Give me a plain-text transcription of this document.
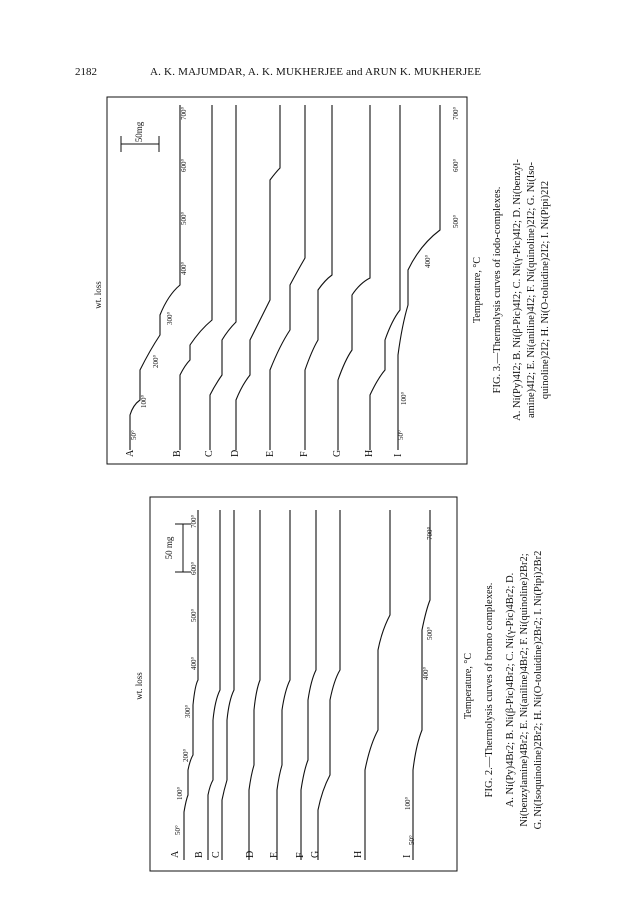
2182	A. K. MAJUMDAR, A. K. MUKHERJEE and ARUN K. MUKHERJEE
50 mg
A B C D E F G	H	I
50°
100°
200°
300°
400°
500°
600°
700°
50°
100°
400°
500°
700°
wt. loss	Temperature, °C FIG. 2.—Thermolysis curves of bromo complexes. A. Ni(Py)4Br2; B. Ni(β-Pic)4Br2; C. Ni(γ-Pic)4Br2; D. Ni(benzylamine)4Br2; E. Ni(aniline)4Br2; F. Ni(quinoline)2Br2; G. Ni(Isoquinoline)2Br2; H. Ni(O-toluidine)2Br2; I. Ni(Pipi)2Br2
50mg
A	B C D E F G H I
50°
100°
200°
300°
400°
500°
600°
700°
50°
100°
400°
500°
600°
700°
wt. loss	Temperature, °C FIG. 3.—Thermolysis curves of iodo-complexes. A. Ni(Py)4I2; B. Ni(β-Pic)4I2; C. Ni(γ-Pic)4I2; D. Ni(benzyl- amine)4I2; E. Ni(aniline)4I2; F. Ni(quinoline)2I2; G. Ni(Iso- quinoline)2I2; H. Ni(O-toluidine)2I2; I. Ni(Pipi)2I2
